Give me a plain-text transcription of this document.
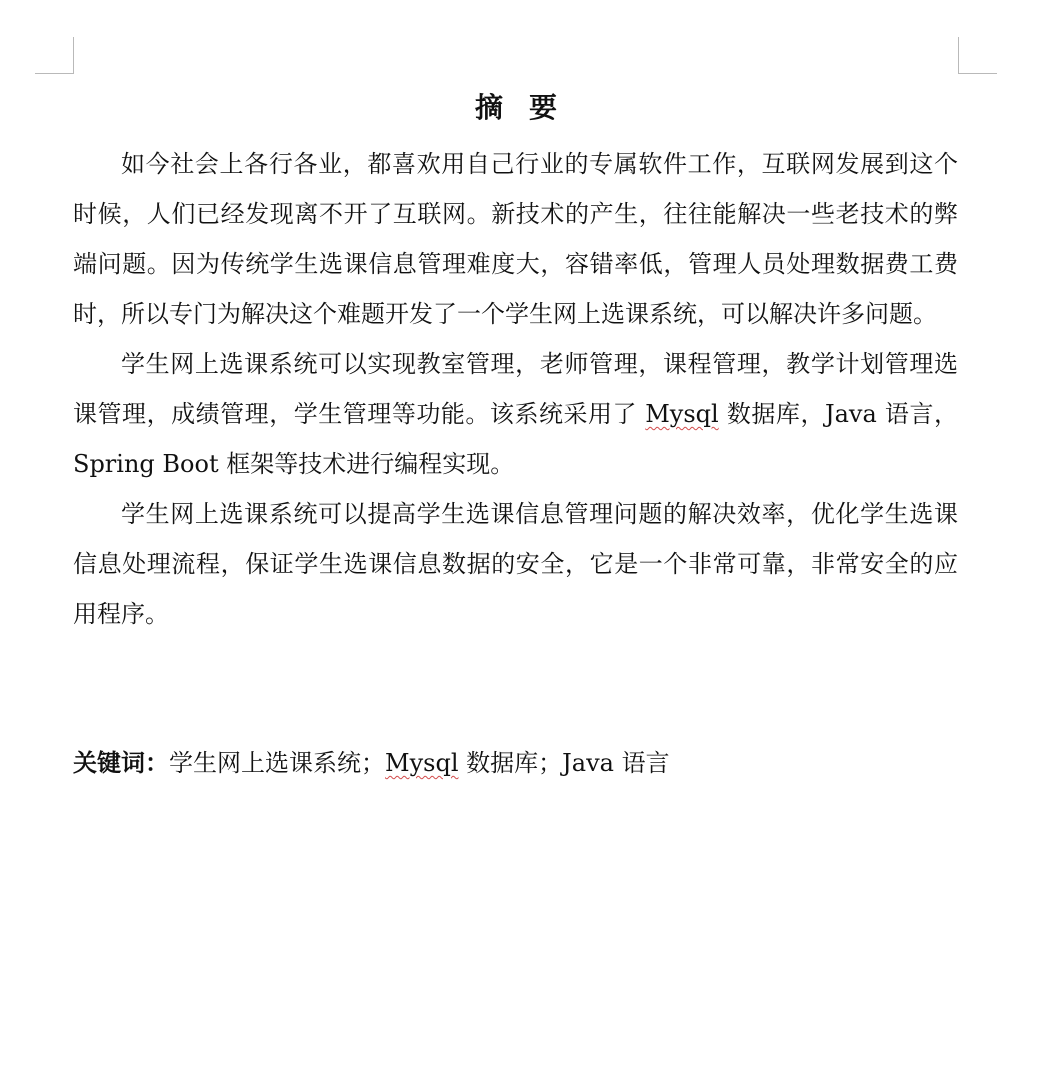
摘 要

如今社会上各行各业，都喜欢用自己行业的专属软件工作，互联网发展到这个时候，人们已经发现离不开了互联网。新技术的产生，往往能解决一些老技术的弊端问题。因为传统学生选课信息管理难度大，容错率低，管理人员处理数据费工费时，所以专门为解决这个难题开发了一个学生网上选课系统，可以解决许多问题。

学生网上选课系统可以实现教室管理，老师管理，课程管理，教学计划管理选课管理，成绩管理，学生管理等功能。该系统采用了 Mysql 数据库，Java 语言，Spring Boot 框架等技术进行编程实现。

学生网上选课系统可以提高学生选课信息管理问题的解决效率，优化学生选课信息处理流程，保证学生选课信息数据的安全，它是一个非常可靠，非常安全的应用程序。

关键词：学生网上选课系统；Mysql 数据库；Java 语言
